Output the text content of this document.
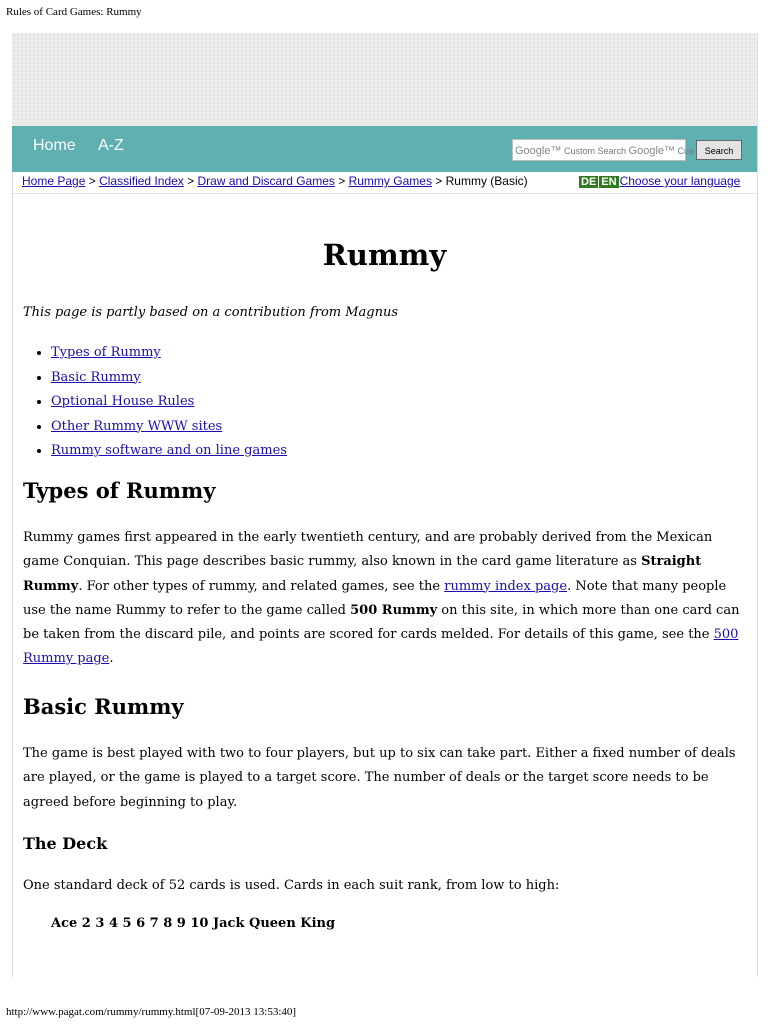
Rules of Card Games: Rummy
Home A-Z	Google™ Custom Search Google™ Cus	Search
Home Page > Classified Index > Draw and Discard Games > Rummy Games > Rummy (Basic)	DE EN Choose your language
Rummy

This page is partly based on a contribution from Magnus

• Types of Rummy
• Basic Rummy
• Optional House Rules
• Other Rummy WWW sites
• Rummy software and on line games
Types of Rummy

Rummy games first appeared in the early twentieth century, and are probably derived from the Mexican game Conquian. This page describes basic rummy, also known in the card game literature as Straight Rummy. For other types of rummy, and related games, see the rummy index page. Note that many people use the name Rummy to refer to the game called 500 Rummy on this site, in which more than one card can be taken from the discard pile, and points are scored for cards melded. For details of this game, see the 500 Rummy page.

Basic Rummy

The game is best played with two to four players, but up to six can take part. Either a fixed number of deals are played, or the game is played to a target score. The number of deals or the target score needs to be agreed before beginning to play.

The Deck

One standard deck of 52 cards is used. Cards in each suit rank, from low to high:

Ace 2 3 4 5 6 7 8 9 10 Jack Queen King

http://www.pagat.com/rummy/rummy.html[07-09-2013 13:53:40]
